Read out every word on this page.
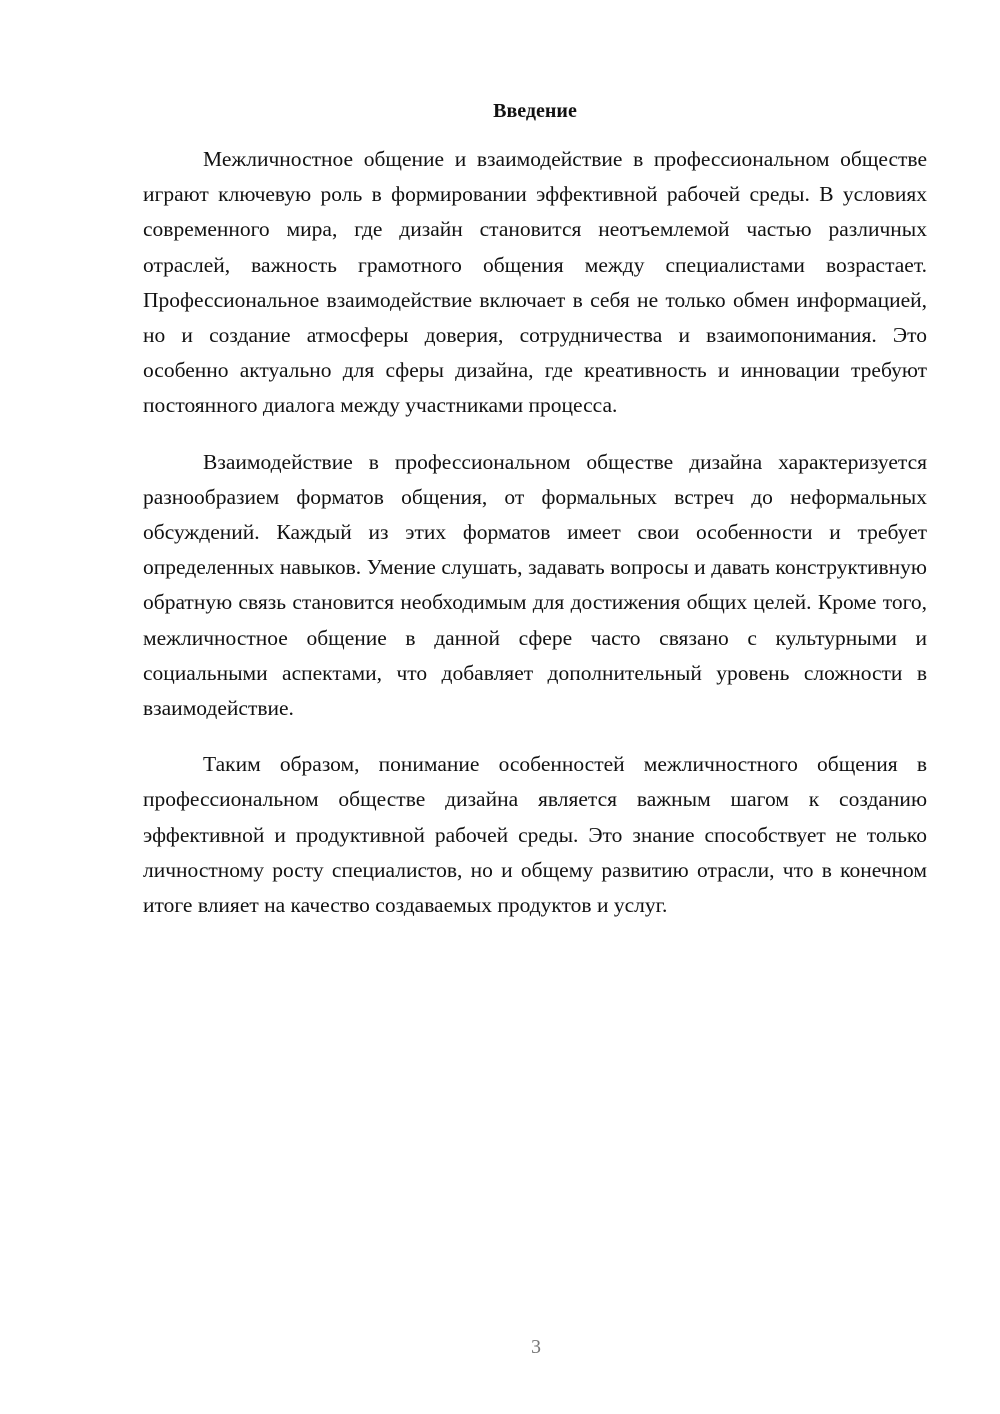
Введение

Межличностное общение и взаимодействие в профессиональном обществе играют ключевую роль в формировании эффективной рабочей среды. В условиях современного мира, где дизайн становится неотъемлемой частью различных отраслей, важность грамотного общения между специалистами возрастает. Профессиональное взаимодействие включает в себя не только обмен информацией, но и создание атмосферы доверия, сотрудничества и взаимопонимания. Это особенно актуально для сферы дизайна, где креативность и инновации требуют постоянного диалога между участниками процесса.

Взаимодействие в профессиональном обществе дизайна характеризуется разнообразием форматов общения, от формальных встреч до неформальных обсуждений. Каждый из этих форматов имеет свои особенности и требует определенных навыков. Умение слушать, задавать вопросы и давать конструктивную обратную связь становится необходимым для достижения общих целей. Кроме того, межличностное общение в данной сфере часто связано с культурными и социальными аспектами, что добавляет дополнительный уровень сложности в взаимодействие.

Таким образом, понимание особенностей межличностного общения в профессиональном обществе дизайна является важным шагом к созданию эффективной и продуктивной рабочей среды. Это знание способствует не только личностному росту специалистов, но и общему развитию отрасли, что в конечном итоге влияет на качество создаваемых продуктов и услуг.

3
